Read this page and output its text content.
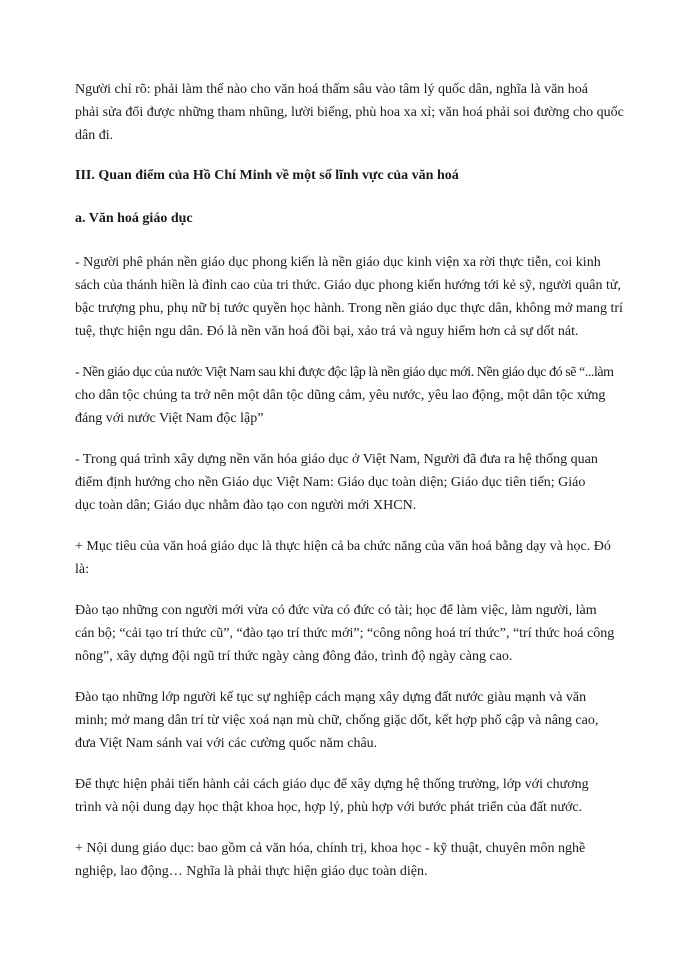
Người chỉ rõ: phải làm thế nào cho văn hoá thấm sâu vào tâm lý quốc dân, nghĩa là văn hoá
phải sửa đổi được những tham nhũng, lười biếng, phù hoa xa xỉ; văn hoá phải soi đường cho quốc
dân đi.

III. Quan điểm của Hồ Chí Minh về một số lĩnh vực của văn hoá
a. Văn hoá giáo dục

- Người phê phán nền giáo dục phong kiến là nền giáo dục kinh viện xa rời thực tiễn, coi kinh
sách của thánh hiền là đỉnh cao của tri thức. Giáo dục phong kiến hướng tới kẻ sỹ, người quân tử,
bậc trượng phu, phụ nữ bị tước quyền học hành. Trong nền giáo dục thực dân, không mở mang trí
tuệ, thực hiện ngu dân. Đó là nền văn hoá đồi bại, xảo trá và nguy hiểm hơn cả sự dốt nát.

- Nền giáo dục của nước Việt Nam sau khi được độc lập là nền giáo dục mới. Nền giáo dục đó sẽ “...làm
cho dân tộc chúng ta trở nên một dân tộc dũng cảm, yêu nước, yêu lao động, một dân tộc xứng
đáng với nước Việt Nam độc lập”

- Trong quá trình xây dựng nền văn hóa giáo dục ở Việt Nam, Người đã đưa ra hệ thống quan
điểm định hướng cho nền Giáo dục Việt Nam: Giáo dục toàn diện; Giáo dục tiên tiến; Giáo
dục toàn dân; Giáo dục nhằm đào tạo con người mới XHCN.

+ Mục tiêu của văn hoá giáo dục là thực hiện cả ba chức năng của văn hoá bằng dạy và học. Đó
là:

Đào tạo những con người mới vừa có đức vừa có đức có tài; học để làm việc, làm người, làm
cán bộ; “cải tạo trí thức cũ”, “đào tạo trí thức mới”; “công nông hoá trí thức”, “trí thức hoá công
nông”, xây dựng đội ngũ trí thức ngày càng đông đảo, trình độ ngày càng cao.

Đào tạo những lớp người kế tục sự nghiệp cách mạng xây dựng đất nước giàu mạnh và văn
minh; mở mang dân trí từ việc xoá nạn mù chữ, chống giặc dốt, kết hợp phổ cập và nâng cao,
đưa Việt Nam sánh vai với các cường quốc năm châu.

Để thực hiện phải tiến hành cải cách giáo dục để xây dựng hệ thống trường, lớp với chương
trình và nội dung dạy học thật khoa học, hợp lý, phù hợp với bước phát triển của đất nước.

+ Nội dung giáo dục: bao gồm cả văn hóa, chính trị, khoa học - kỹ thuật, chuyên môn nghề
nghiệp, lao động… Nghĩa là phải thực hiện giáo dục toàn diện.
